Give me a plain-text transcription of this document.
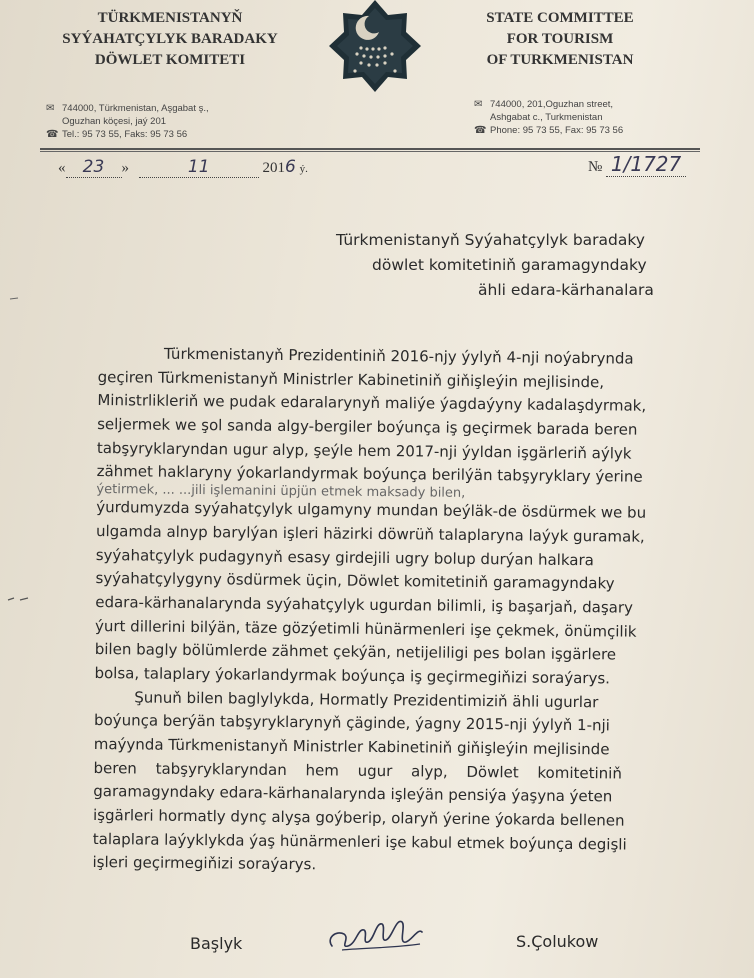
TÜRKMENISTANYŇ
SYÝAHATÇYLYK BARADAKY
DÖWLET KOMITETI
STATE COMMITTEE
FOR TOURISM
OF TURKMENISTAN
✉ 744000, Türkmenistan, Aşgabat ş.,
Oguzhan köçesi, jaý 201
☎ Tel.: 95 73 55, Faks: 95 73 56
✉ 744000, 201,Oguzhan street,
Ashgabat c., Turkmenistan
☎ Phone: 95 73 55, Fax: 95 73 56
« 23 »	11	2016 ý.	№ 1/1727
Türkmenistanyň Syýahatçylyk baradaky
döwlet komitetiniň garamagyndaky
ähli edara-kärhanalara
Türkmenistanyň Prezidentiniň 2016-njy ýylyň 4-nji noýabrynda
geçiren Türkmenistanyň Ministrler Kabinetiniň giňişleýin mejlisinde,
Ministrlikleriň we pudak edaralarynyň maliýe ýagdaýyny kadalaşdyrmak,
seljermek we şol sanda algy-bergiler boýunça iş geçirmek barada beren
tabşyryklaryndan ugur alyp, şeýle hem 2017-nji ýyldan işgärleriň aýlyk
zähmet haklaryny ýokarlandyrmak boýunça berilýän tabşyryklary ýerine
ýetirmek, ... ...jili işlemanini üpjün etmek maksady bilen,
ýurdumyzda syýahatçylyk ulgamyny mundan beýläk-de ösdürmek we bu
ulgamda alnyp barylýan işleri häzirki döwrüň talaplaryna laýyk guramak,
syýahatçylyk pudagynyň esasy girdejili ugry bolup durýan halkara
syýahatçylygyny ösdürmek üçin, Döwlet komitetiniň garamagyndaky
edara-kärhanalarynda syýahatçylyk ugurdan bilimli, iş başarjaň, daşary
ýurt dillerini bilýän, täze gözýetimli hünärmenleri işe çekmek, önümçilik
bilen bagly bölümlerde zähmet çekýän, netijeliligi pes bolan işgärlere
bolsa, talaplary ýokarlandyrmak boýunça iş geçirmegiňizi soraýarys.
Şunuň bilen baglylykda, Hormatly Prezidentimiziň ähli ugurlar
boýunça berýän tabşyryklarynyň çäginde, ýagny 2015-nji ýylyň 1-nji
maýynda Türkmenistanyň Ministrler Kabinetiniň giňişleýin mejlisinde
beren tabşyryklaryndan hem ugur alyp, Döwlet komitetiniň
garamagyndaky edara-kärhanalarynda işleýän pensiýa ýaşyna ýeten
işgärleri hormatly dynç alyşa goýberip, olaryň ýerine ýokarda bellenen
talaplara laýyklykda ýaş hünärmenleri işe kabul etmek boýunça degişli
işleri geçirmegiňizi soraýarys.
Başlyk	S.Çolukow
